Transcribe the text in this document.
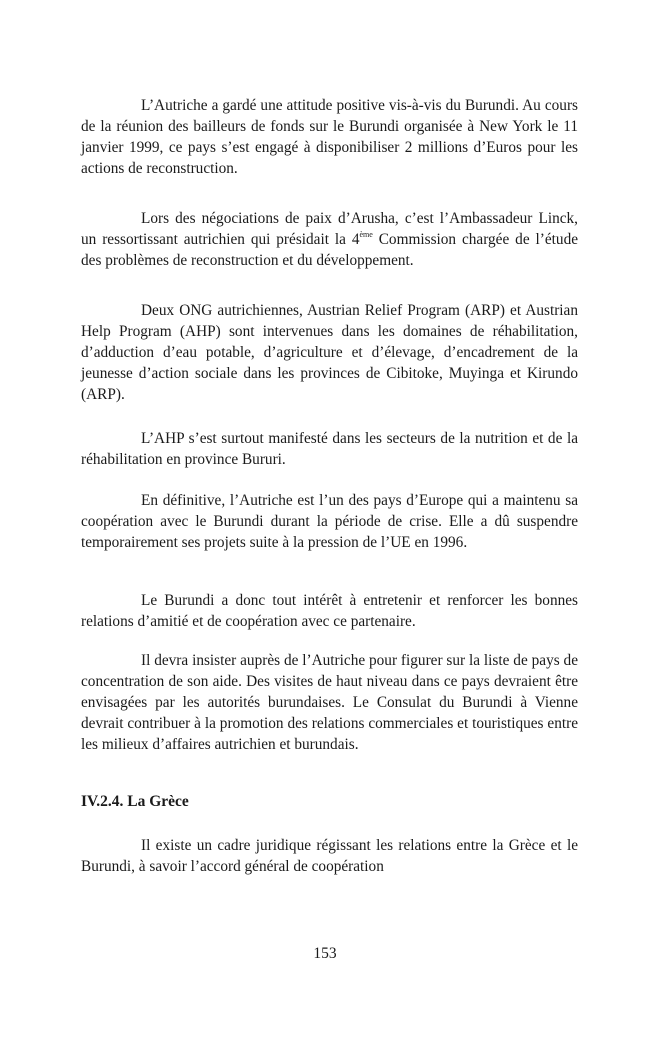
L’Autriche a gardé une attitude positive vis-à-vis du Burundi. Au cours de la réunion des bailleurs de fonds sur le Burundi organisée à New York le 11 janvier 1999, ce pays s’est engagé à disponibiliser 2 millions d’Euros pour les actions de reconstruction.

Lors des négociations de paix d’Arusha, c’est l’Ambassadeur Linck, un ressortissant autrichien qui présidait la 4ème Commission chargée de l’étude des problèmes de reconstruction et du développement.

Deux ONG autrichiennes, Austrian Relief Program (ARP) et Austrian Help Program (AHP) sont intervenues dans les domaines de réhabilitation, d’adduction d’eau potable, d’agriculture et d’élevage, d’encadrement de la jeunesse d’action sociale dans les provinces de Cibitoke, Muyinga et Kirundo (ARP).

L’AHP s’est surtout manifesté dans les secteurs de la nutrition et de la réhabilitation en province Bururi.

En définitive, l’Autriche est l’un des pays d’Europe qui a maintenu sa coopération avec le Burundi durant la période de crise. Elle a dû suspendre temporairement ses projets suite à la pression de l’UE en 1996.

Le Burundi a donc tout intérêt à entretenir et renforcer les bonnes relations d’amitié et de coopération avec ce partenaire.

Il devra insister auprès de l’Autriche pour figurer sur la liste de pays de concentration de son aide. Des visites de haut niveau dans ce pays devraient être envisagées par les autorités burundaises. Le Consulat du Burundi à Vienne devrait contribuer à la promotion des relations commerciales et touristiques entre les milieux d’affaires autrichien et burundais.

IV.2.4. La Grèce

Il existe un cadre juridique régissant les relations entre la Grèce et le Burundi, à savoir l’accord général de coopération

153
